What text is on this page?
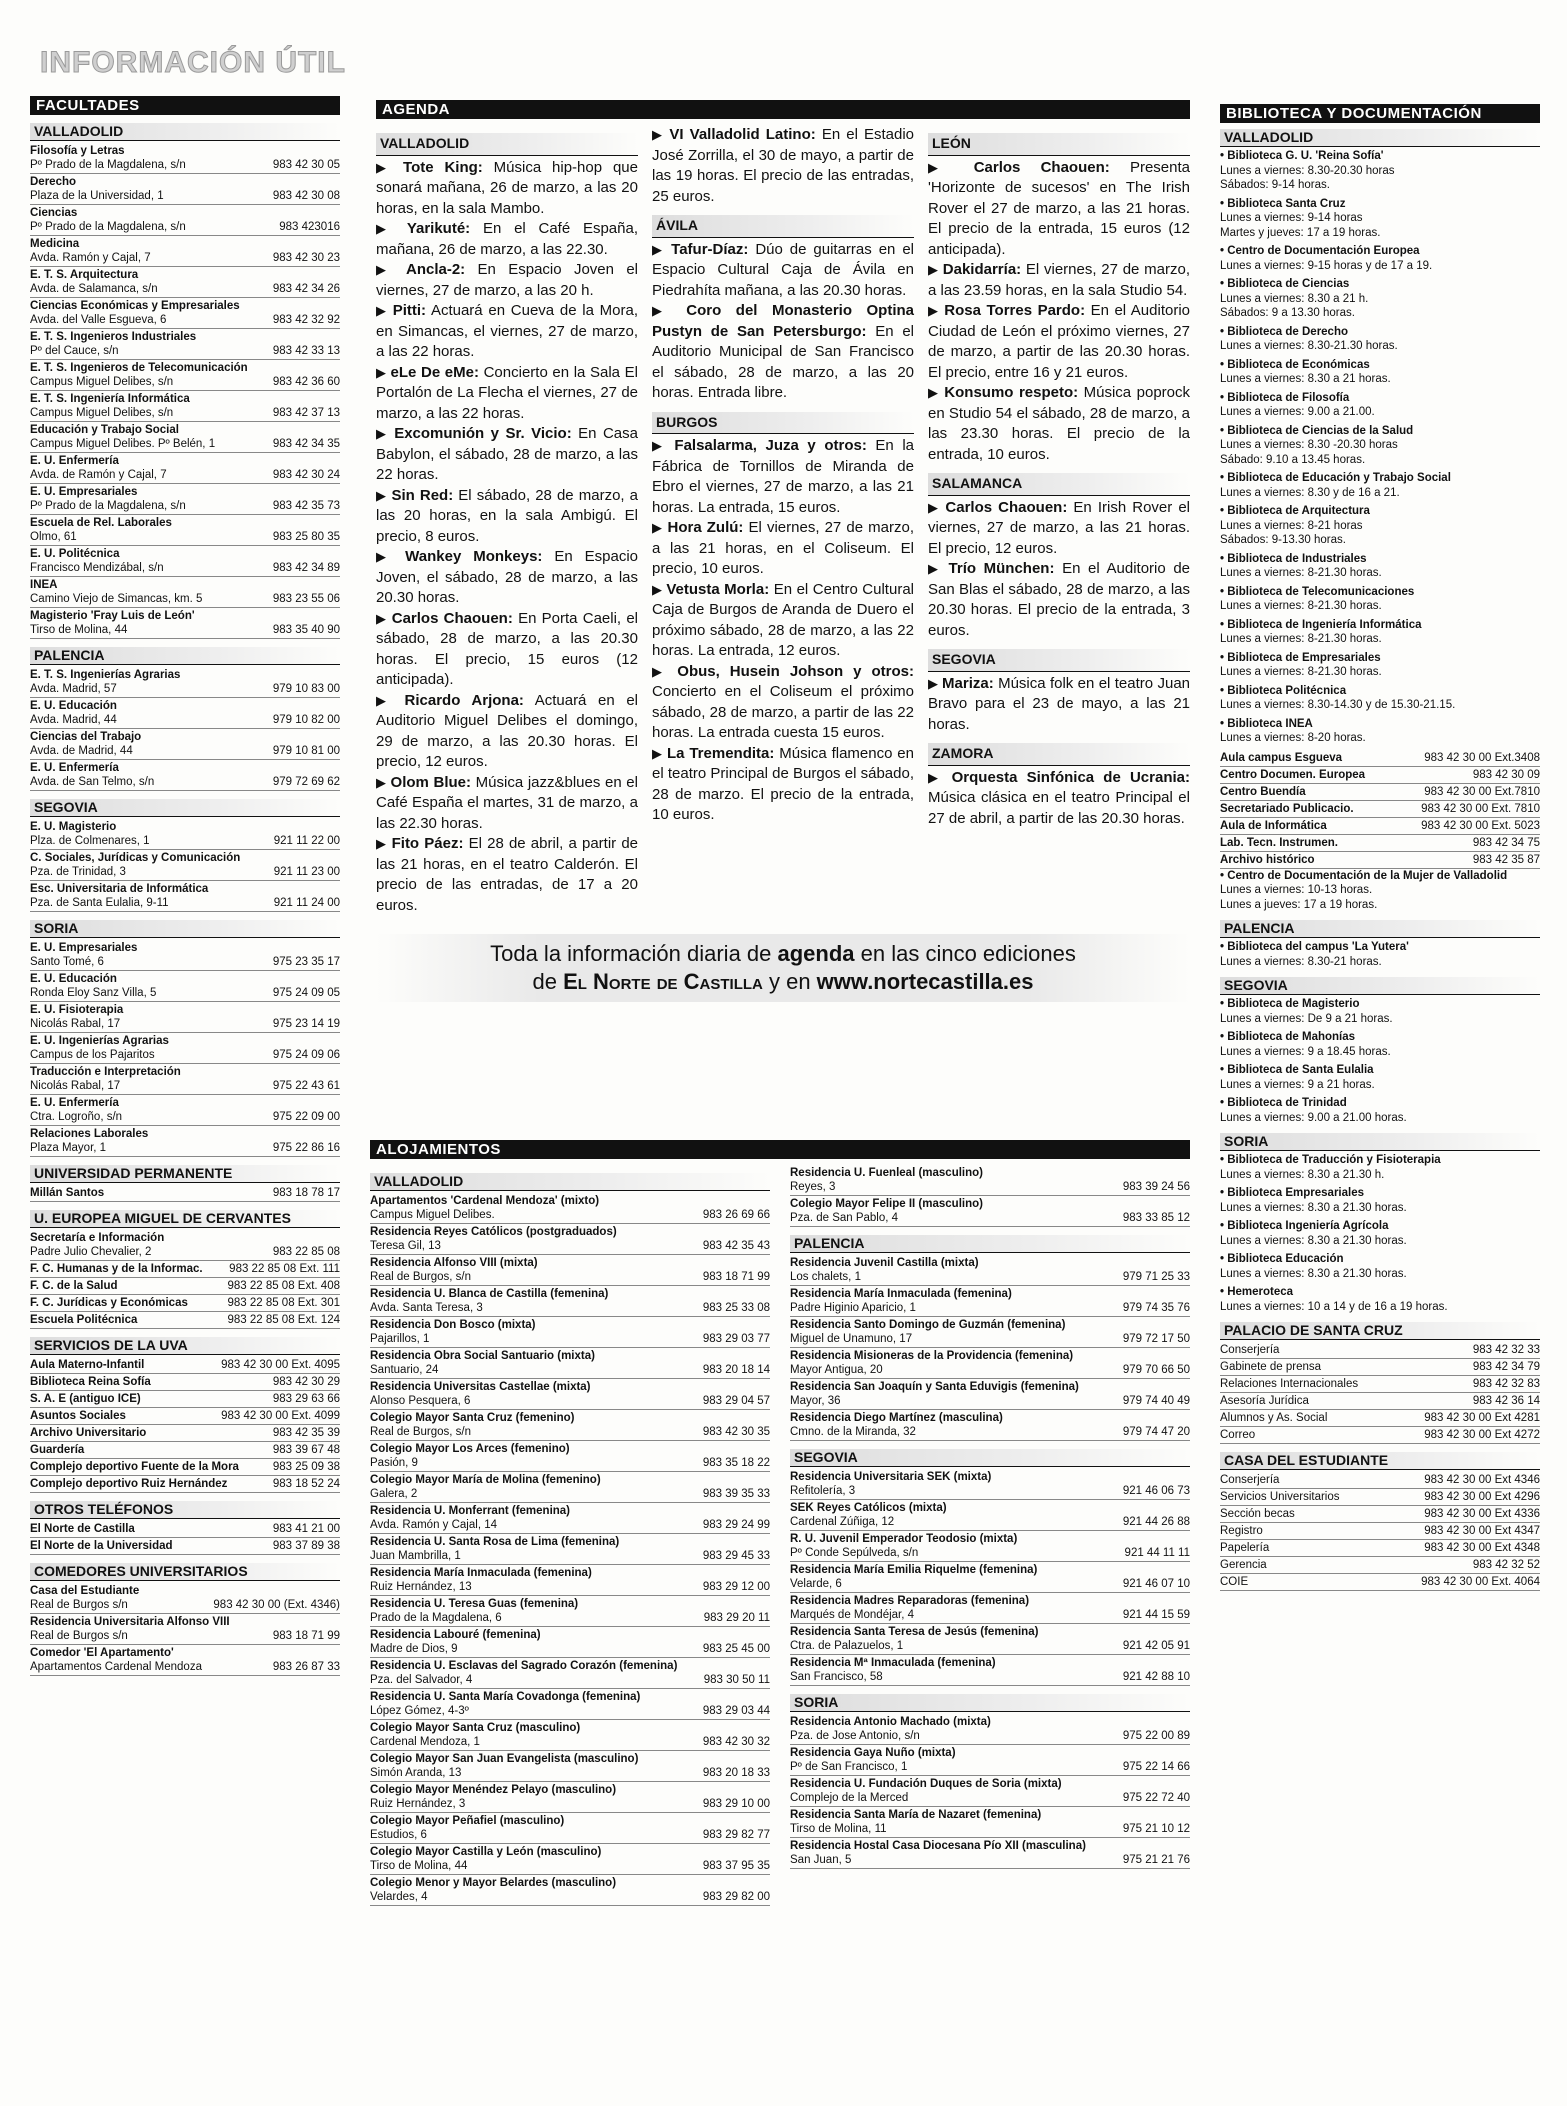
INFORMACIÓN ÚTIL
FACULTADES
VALLADOLID
Filosofía y Letras
Pº Prado de la Magdalena, s/n	983 42 30 05
Derecho
Plaza de la Universidad, 1	983 42 30 08
Ciencias
Pº Prado de la Magdalena, s/n	983 423016
Medicina
Avda. Ramón y Cajal, 7	983 42 30 23
E. T. S. Arquitectura
Avda. de Salamanca, s/n	983 42 34 26
Ciencias Económicas y Empresariales
Avda. del Valle Esgueva, 6	983 42 32 92
E. T. S. Ingenieros Industriales
Pº del Cauce, s/n	983 42 33 13
E. T. S. Ingenieros de Telecomunicación
Campus Miguel Delibes, s/n	983 42 36 60
E. T. S. Ingeniería Informática
Campus Miguel Delibes, s/n	983 42 37 13
Educación y Trabajo Social
Campus Miguel Delibes. Pº Belén, 1	983 42 34 35
E. U. Enfermería
Avda. de Ramón y Cajal, 7	983 42 30 24
E. U. Empresariales
Pº Prado de la Magdalena, s/n	983 42 35 73
Escuela de Rel. Laborales
Olmo, 61	983 25 80 35
E. U. Politécnica
Francisco Mendizábal, s/n	983 42 34 89
INEA
Camino Viejo de Simancas, km. 5	983 23 55 06
Magisterio 'Fray Luis de León'
Tirso de Molina, 44	983 35 40 90
PALENCIA
E. T. S. Ingenierías Agrarias
Avda. Madrid, 57	979 10 83 00
E. U. Educación
Avda. Madrid, 44	979 10 82 00
Ciencias del Trabajo
Avda. de Madrid, 44	979 10 81 00
E. U. Enfermería
Avda. de San Telmo, s/n	979 72 69 62
SEGOVIA
E. U. Magisterio
Plza. de Colmenares, 1	921 11 22 00
C. Sociales, Jurídicas y Comunicación
Pza. de Trinidad, 3	921 11 23 00
Esc. Universitaria de Informática
Pza. de Santa Eulalia, 9-11	921 11 24 00
SORIA
E. U. Empresariales
Santo Tomé, 6	975 23 35 17
E. U. Educación
Ronda Eloy Sanz Villa, 5	975 24 09 05
E. U. Fisioterapia
Nicolás Rabal, 17	975 23 14 19
E. U. Ingenierías Agrarias
Campus de los Pajaritos	975 24 09 06
Traducción e Interpretación
Nicolás Rabal, 17	975 22 43 61
E. U. Enfermería
Ctra. Logroño, s/n	975 22 09 00
Relaciones Laborales
Plaza Mayor, 1	975 22 86 16
UNIVERSIDAD PERMANENTE
Millán Santos	983 18 78 17
U. EUROPEA MIGUEL DE CERVANTES
Secretaría e Información
Padre Julio Chevalier, 2	983 22 85 08
F. C. Humanas y de la Informac. 983 22 85 08 Ext. 111
F. C. de la Salud	983 22 85 08 Ext. 408
F. C. Jurídicas y Económicas	983 22 85 08 Ext. 301
Escuela Politécnica	983 22 85 08 Ext. 124
SERVICIOS DE LA UVA
Aula Materno-Infantil	983 42 30 00 Ext. 4095
Biblioteca Reina Sofía	983 42 30 29
S. A. E (antiguo ICE)	983 29 63 66
Asuntos Sociales	983 42 30 00 Ext. 4099
Archivo Universitario	983 42 35 39
Guardería	983 39 67 48
Complejo deportivo Fuente de la Mora	983 25 09 38
Complejo deportivo Ruiz Hernández	983 18 52 24
OTROS TELÉFONOS
El Norte de Castilla	983 41 21 00
El Norte de la Universidad	983 37 89 38
COMEDORES UNIVERSITARIOS
Casa del Estudiante
Real de Burgos s/n	983 42 30 00 (Ext. 4346)
Residencia Universitaria Alfonso VIII
Real de Burgos s/n	983 18 71 99
Comedor 'El Apartamento'
Apartamentos Cardenal Mendoza	983 26 87 33
AGENDA
VALLADOLID

▶ Tote King: Música hip-hop que sonará mañana, 26 de marzo, a las 20 horas, en la sala Mambo.

▶ Yarikuté: En el Café España, mañana, 26 de marzo, a las 22.30.

▶ Ancla-2: En Espacio Joven el viernes, 27 de marzo, a las 20 h.

▶ Pitti: Actuará en Cueva de la Mora, en Simancas, el viernes, 27 de marzo, a las 22 horas.

▶ eLe De eMe: Concierto en la Sala El Portalón de La Flecha el viernes, 27 de marzo, a las 22 horas.

▶ Excomunión y Sr. Vicio: En Casa Babylon, el sábado, 28 de marzo, a las 22 horas.

▶ Sin Red: El sábado, 28 de marzo, a las 20 horas, en la sala Ambigú. El precio, 8 euros.

▶ Wankey Monkeys: En Espacio Joven, el sábado, 28 de marzo, a las 20.30 horas.

▶ Carlos Chaouen: En Porta Caeli, el sábado, 28 de marzo, a las 20.30 horas. El precio, 15 euros (12 anticipada).

▶ Ricardo Arjona: Actuará en el Auditorio Miguel Delibes el domingo, 29 de marzo, a las 20.30 horas. El precio, 12 euros.

▶ Olom Blue: Música jazz&blues en el Café España el martes, 31 de marzo, a las 22.30 horas.

▶ Fito Páez: El 28 de abril, a partir de las 21 horas, en el teatro Calderón. El precio de las entradas, de 17 a 20 euros.

▶ VI Valladolid Latino: En el Estadio José Zorrilla, el 30 de mayo, a partir de las 19 horas. El precio de las entradas, 25 euros.

ÁVILA

▶ Tafur-Díaz: Dúo de guitarras en el Espacio Cultural Caja de Ávila en Piedrahíta mañana, a las 20.30 horas.

▶ Coro del Monasterio Optina Pustyn de San Petersburgo: En el Auditorio Municipal de San Francisco el sábado, 28 de marzo, a las 20 horas. Entrada libre.

BURGOS

▶ Falsalarma, Juza y otros: En la Fábrica de Tornillos de Miranda de Ebro el viernes, 27 de marzo, a las 21 horas. La entrada, 15 euros.

▶ Hora Zulú: El viernes, 27 de marzo, a las 21 horas, en el Coliseum. El precio, 10 euros.

▶ Vetusta Morla: En el Centro Cultural Caja de Burgos de Aranda de Duero el próximo sábado, 28 de marzo, a las 22 horas. La entrada, 12 euros.

▶ Obus, Husein Johson y otros: Concierto en el Coliseum el próximo sábado, 28 de marzo, a partir de las 22 horas. La entrada cuesta 15 euros.

▶ La Tremendita: Música flamenco en el teatro Principal de Burgos el sábado, 28 de marzo. El precio de la entrada, 10 euros.

LEÓN

▶ Carlos Chaouen: Presenta 'Horizonte de sucesos' en The Irish Rover el 27 de marzo, a las 21 horas. El precio de la entrada, 15 euros (12 anticipada).

▶ Dakidarría: El viernes, 27 de marzo, a las 23.59 horas, en la sala Studio 54.

▶ Rosa Torres Pardo: En el Auditorio Ciudad de León el próximo viernes, 27 de marzo, a partir de las 20.30 horas. El precio, entre 16 y 21 euros.

▶ Konsumo respeto: Música poprock en Studio 54 el sábado, 28 de marzo, a las 23.30 horas. El precio de la entrada, 10 euros.

SALAMANCA

▶ Carlos Chaouen: En Irish Rover el viernes, 27 de marzo, a las 21 horas. El precio, 12 euros.

▶ Trío München: En el Auditorio de San Blas el sábado, 28 de marzo, a las 20.30 horas. El precio de la entrada, 3 euros.

SEGOVIA

▶ Mariza: Música folk en el teatro Juan Bravo para el 23 de mayo, a las 21 horas.

ZAMORA

▶ Orquesta Sinfónica de Ucrania: Música clásica en el teatro Principal el 27 de abril, a partir de las 20.30 horas.

Toda la información diaria de agenda en las cinco ediciones
de El Norte de Castilla y en www.nortecastilla.es
ALOJAMIENTOS
VALLADOLID
Apartamentos 'Cardenal Mendoza' (mixto)
Campus Miguel Delibes.	983 26 69 66
Residencia Reyes Católicos (postgraduados)
Teresa Gil, 13	983 42 35 43
Residencia Alfonso VIII (mixta)
Real de Burgos, s/n	983 18 71 99
Residencia U. Blanca de Castilla (femenina)
Avda. Santa Teresa, 3	983 25 33 08
Residencia Don Bosco (mixta)
Pajarillos, 1	983 29 03 77
Residencia Obra Social Santuario (mixta)
Santuario, 24	983 20 18 14
Residencia Universitas Castellae (mixta)
Alonso Pesquera, 6	983 29 04 57
Colegio Mayor Santa Cruz (femenino)
Real de Burgos, s/n	983 42 30 35
Colegio Mayor Los Arces (femenino)
Pasión, 9	983 35 18 22
Colegio Mayor María de Molina (femenino)
Galera, 2	983 39 35 33
Residencia U. Monferrant (femenina)
Avda. Ramón y Cajal, 14	983 29 24 99
Residencia U. Santa Rosa de Lima (femenina)
Juan Mambrilla, 1	983 29 45 33
Residencia María Inmaculada (femenina)
Ruiz Hernández, 13	983 29 12 00
Residencia U. Teresa Guas (femenina)
Prado de la Magdalena, 6	983 29 20 11
Residencia Labouré (femenina)
Madre de Dios, 9	983 25 45 00
Residencia U. Esclavas del Sagrado Corazón (femenina)
Pza. del Salvador, 4	983 30 50 11
Residencia U. Santa María Covadonga (femenina)
López Gómez, 4-3º	983 29 03 44
Colegio Mayor Santa Cruz (masculino)
Cardenal Mendoza, 1	983 42 30 32
Colegio Mayor San Juan Evangelista (masculino)
Simón Aranda, 13	983 20 18 33
Colegio Mayor Menéndez Pelayo (masculino)
Ruiz Hernández, 3	983 29 10 00
Colegio Mayor Peñafiel (masculino)
Estudios, 6	983 29 82 77
Colegio Mayor Castilla y León (masculino)
Tirso de Molina, 44	983 37 95 35
Colegio Menor y Mayor Belardes (masculino)
Velardes, 4	983 29 82 00
Residencia U. Fuenleal (masculino)
Reyes, 3	983 39 24 56
Colegio Mayor Felipe II (masculino)
Pza. de San Pablo, 4	983 33 85 12
PALENCIA
Residencia Juvenil Castilla (mixta)
Los chalets, 1	979 71 25 33
Residencia María Inmaculada (femenina)
Padre Higinio Aparicio, 1	979 74 35 76
Residencia Santo Domingo de Guzmán (femenina)
Miguel de Unamuno, 17	979 72 17 50
Residencia Misioneras de la Providencia (femenina)
Mayor Antigua, 20	979 70 66 50
Residencia San Joaquín y Santa Eduvigis (femenina)
Mayor, 36	979 74 40 49
Residencia Diego Martínez (masculina)
Cmno. de la Miranda, 32	979 74 47 20
SEGOVIA
Residencia Universitaria SEK (mixta)
Refitolería, 3	921 46 06 73
SEK Reyes Católicos (mixta)
Cardenal Zúñiga, 12	921 44 26 88
R. U. Juvenil Emperador Teodosio (mixta)
Pº Conde Sepúlveda, s/n	921 44 11 11
Residencia María Emilia Riquelme (femenina)
Velarde, 6	921 46 07 10
Residencia Madres Reparadoras (femenina)
Marqués de Mondéjar, 4	921 44 15 59
Residencia Santa Teresa de Jesús (femenina)
Ctra. de Palazuelos, 1	921 42 05 91
Residencia Mª Inmaculada (femenina)
San Francisco, 58	921 42 88 10
SORIA
Residencia Antonio Machado (mixta)
Pza. de Jose Antonio, s/n	975 22 00 89
Residencia Gaya Nuño (mixta)
Pº de San Francisco, 1	975 22 14 66
Residencia U. Fundación Duques de Soria (mixta)
Complejo de la Merced	975 22 72 40
Residencia Santa María de Nazaret (femenina)
Tirso de Molina, 11	975 21 10 12
Residencia Hostal Casa Diocesana Pío XII (masculina)
San Juan, 5	975 21 21 76
BIBLIOTECA Y DOCUMENTACIÓN
VALLADOLID
• Biblioteca G. U. 'Reina Sofía'
Lunes a viernes: 8.30-20.30 horas
Sábados: 9-14 horas.
• Biblioteca Santa Cruz
Lunes a viernes: 9-14 horas
Martes y jueves: 17 a 19 horas.
• Centro de Documentación Europea
Lunes a viernes: 9-15 horas y de 17 a 19.
• Biblioteca de Ciencias
Lunes a viernes: 8.30 a 21 h.
Sábados: 9 a 13.30 horas.
• Biblioteca de Derecho
Lunes a viernes: 8.30-21.30 horas.
• Biblioteca de Económicas
Lunes a viernes: 8.30 a 21 horas.
• Biblioteca de Filosofía
Lunes a viernes: 9.00 a 21.00.
• Biblioteca de Ciencias de la Salud
Lunes a viernes: 8.30 -20.30 horas
Sábado: 9.10 a 13.45 horas.
• Biblioteca de Educación y Trabajo Social
Lunes a viernes: 8.30 y de 16 a 21.
• Biblioteca de Arquitectura
Lunes a viernes: 8-21 horas
Sábados: 9-13.30 horas.
• Biblioteca de Industriales
Lunes a viernes: 8-21.30 horas.
• Biblioteca de Telecomunicaciones
Lunes a viernes: 8-21.30 horas.
• Biblioteca de Ingeniería Informática
Lunes a viernes: 8-21.30 horas.
• Biblioteca de Empresariales
Lunes a viernes: 8-21.30 horas.
• Biblioteca Politécnica
Lunes a viernes: 8.30-14.30 y de 15.30-21.15.
• Biblioteca INEA
Lunes a viernes: 8-20 horas.
Aula campus Esgueva	983 42 30 00 Ext.3408
Centro Documen. Europea	983 42 30 09
Centro Buendía	983 42 30 00 Ext.7810
Secretariado Publicacio.	983 42 30 00 Ext. 7810
Aula de Informática	983 42 30 00 Ext. 5023
Lab. Tecn. Instrumen.	983 42 34 75
Archivo histórico	983 42 35 87
• Centro de Documentación de la Mujer de Valladolid
Lunes a viernes: 10-13 horas.
Lunes a jueves: 17 a 19 horas.
PALENCIA
• Biblioteca del campus 'La Yutera'
Lunes a viernes: 8.30-21 horas.
SEGOVIA
• Biblioteca de Magisterio
Lunes a viernes: De 9 a 21 horas.
• Biblioteca de Mahonías
Lunes a viernes: 9 a 18.45 horas.
• Biblioteca de Santa Eulalia
Lunes a viernes: 9 a 21 horas.
• Biblioteca de Trinidad
Lunes a viernes: 9.00 a 21.00 horas.
SORIA
• Biblioteca de Traducción y Fisioterapia
Lunes a viernes: 8.30 a 21.30 h.
• Biblioteca Empresariales
Lunes a viernes: 8.30 a 21.30 horas.
• Biblioteca Ingeniería Agrícola
Lunes a viernes: 8.30 a 21.30 horas.
• Biblioteca Educación
Lunes a viernes: 8.30 a 21.30 horas.
• Hemeroteca
Lunes a viernes: 10 a 14 y de 16 a 19 horas.
PALACIO DE SANTA CRUZ
Conserjería	983 42 32 33
Gabinete de prensa	983 42 34 79
Relaciones Internacionales	983 42 32 83
Asesoría Jurídica	983 42 36 14
Alumnos y As. Social	983 42 30 00 Ext 4281
Correo	983 42 30 00 Ext 4272
CASA DEL ESTUDIANTE
Conserjería	983 42 30 00 Ext 4346
Servicios Universitarios	983 42 30 00 Ext 4296
Sección becas	983 42 30 00 Ext 4336
Registro	983 42 30 00 Ext 4347
Papelería	983 42 30 00 Ext 4348
Gerencia	983 42 32 52
COIE	983 42 30 00 Ext. 4064
